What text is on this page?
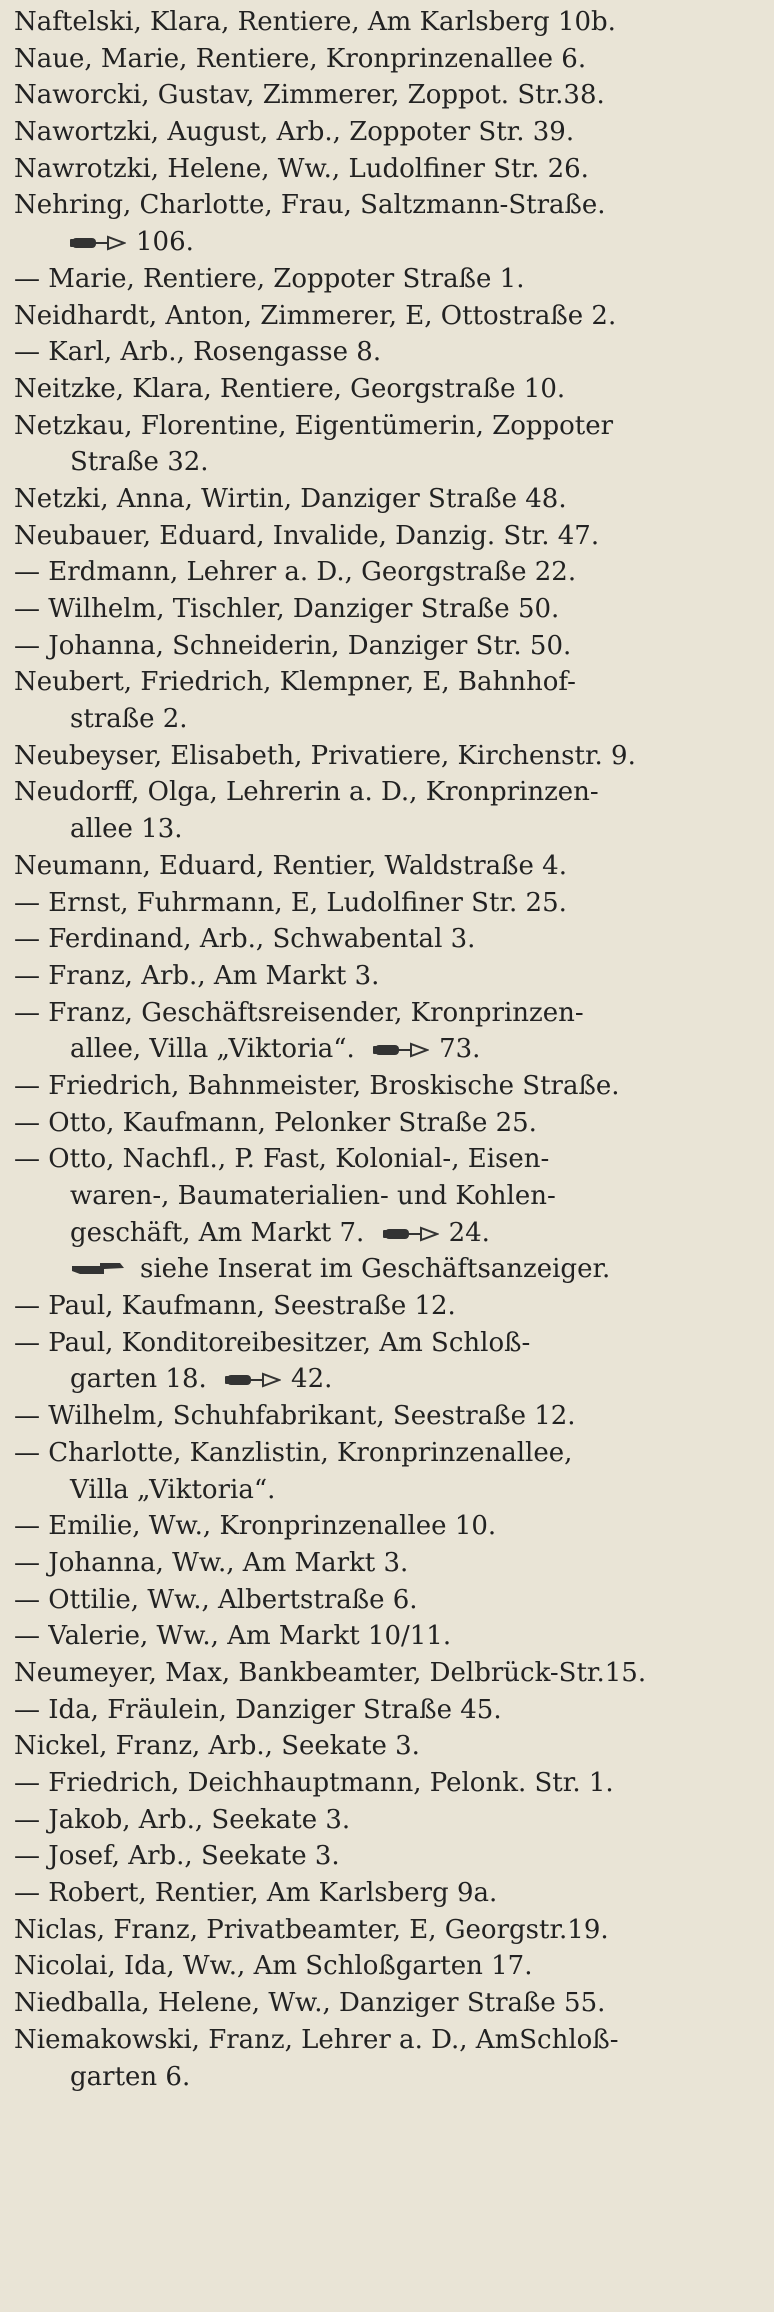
Naftelski, Klara, Rentiere, Am Karlsberg 10b.
Naue, Marie, Rentiere, Kronprinzenallee 6.
Naworcki, Gustav, Zimmerer, Zoppot. Str.38.
Nawortzki, August, Arb., Zoppoter Str. 39.
Nawrotzki, Helene, Ww., Ludolfiner Str. 26.
Nehring, Charlotte, Frau, Saltzmann-Straße.
106.
— Marie, Rentiere, Zoppoter Straße 1.
Neidhardt, Anton, Zimmerer, E, Ottostraße 2.
— Karl, Arb., Rosengasse 8.
Neitzke, Klara, Rentiere, Georgstraße 10.
Netzkau, Florentine, Eigentümerin, Zoppoter
Straße 32.
Netzki, Anna, Wirtin, Danziger Straße 48.
Neubauer, Eduard, Invalide, Danzig. Str. 47.
— Erdmann, Lehrer a. D., Georgstraße 22.
— Wilhelm, Tischler, Danziger Straße 50.
— Johanna, Schneiderin, Danziger Str. 50.
Neubert, Friedrich, Klempner, E, Bahnhof-
straße 2.
Neubeyser, Elisabeth, Privatiere, Kirchenstr. 9.
Neudorff, Olga, Lehrerin a. D., Kronprinzen-
allee 13.
Neumann, Eduard, Rentier, Waldstraße 4.
— Ernst, Fuhrmann, E, Ludolfiner Str. 25.
— Ferdinand, Arb., Schwabental 3.
— Franz, Arb., Am Markt 3.
— Franz, Geschäftsreisender, Kronprinzen-
allee, Villa „Viktoria“.	73.
— Friedrich, Bahnmeister, Broskische Straße.
— Otto, Kaufmann, Pelonker Straße 25.
— Otto, Nachfl., P. Fast, Kolonial-, Eisen-
waren-, Baumaterialien- und Kohlen-
geschäft, Am Markt 7.	24.
siehe Inserat im Geschäftsanzeiger.
— Paul, Kaufmann, Seestraße 12.
— Paul, Konditoreibesitzer, Am Schloß-
garten 18.	42.
— Wilhelm, Schuhfabrikant, Seestraße 12.
— Charlotte, Kanzlistin, Kronprinzenallee,
Villa „Viktoria“.
— Emilie, Ww., Kronprinzenallee 10.
— Johanna, Ww., Am Markt 3.
— Ottilie, Ww., Albertstraße 6.
— Valerie, Ww., Am Markt 10/11.
Neumeyer, Max, Bankbeamter, Delbrück-Str.15.
— Ida, Fräulein, Danziger Straße 45.
Nickel, Franz, Arb., Seekate 3.
— Friedrich, Deichhauptmann, Pelonk. Str. 1.
— Jakob, Arb., Seekate 3.
— Josef, Arb., Seekate 3.
— Robert, Rentier, Am Karlsberg 9a.
Niclas, Franz, Privatbeamter, E, Georgstr.19.
Nicolai, Ida, Ww., Am Schloßgarten 17.
Niedballa, Helene, Ww., Danziger Straße 55.
Niemakowski, Franz, Lehrer a. D., AmSchloß-
garten 6.
